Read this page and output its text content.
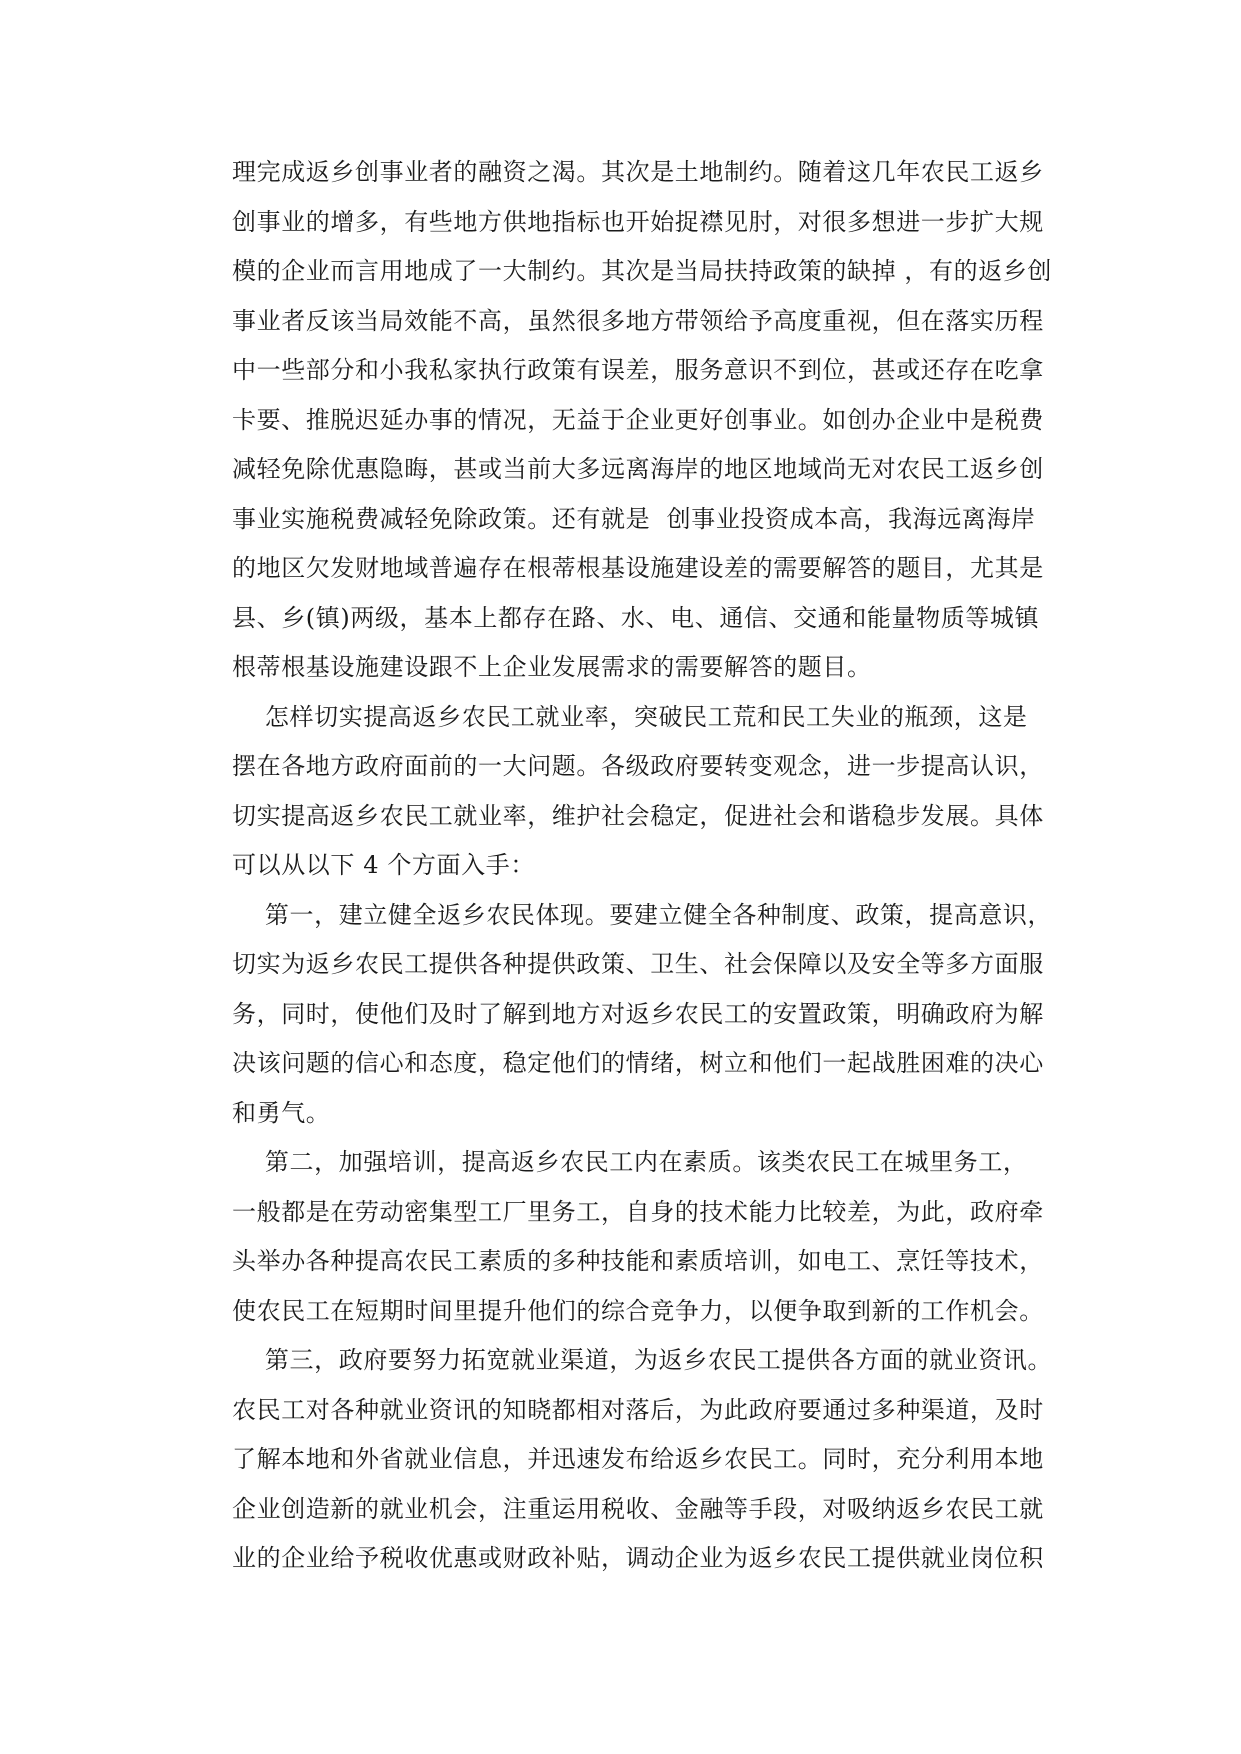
理完成返乡创事业者的融资之渴。其次是土地制约。随着这几年农民工返乡
创事业的增多，有些地方供地指标也开始捉襟见肘，对很多想进一步扩大规
模的企业而言用地成了一大制约。其次是当局扶持政策的缺掉 ，有的返乡创
事业者反该当局效能不高，虽然很多地方带领给予高度重视，但在落实历程
中一些部分和小我私家执行政策有误差，服务意识不到位，甚或还存在吃拿
卡要、推脱迟延办事的情况，无益于企业更好创事业。如创办企业中是税费
减轻免除优惠隐晦，甚或当前大多远离海岸的地区地域尚无对农民工返乡创
事业实施税费减轻免除政策。还有就是  创事业投资成本高，我海远离海岸
的地区欠发财地域普遍存在根蒂根基设施建设差的需要解答的题目，尤其是
县、乡(镇)两级，基本上都存在路、水、电、通信、交通和能量物质等城镇
根蒂根基设施建设跟不上企业发展需求的需要解答的题目。
怎样切实提高返乡农民工就业率，突破民工荒和民工失业的瓶颈，这是
摆在各地方政府面前的一大问题。各级政府要转变观念，进一步提高认识，
切实提高返乡农民工就业率，维护社会稳定，促进社会和谐稳步发展。具体
可以从以下 4 个方面入手：
第一，建立健全返乡农民体现。要建立健全各种制度、政策，提高意识，
切实为返乡农民工提供各种提供政策、卫生、社会保障以及安全等多方面服
务，同时，使他们及时了解到地方对返乡农民工的安置政策，明确政府为解
决该问题的信心和态度，稳定他们的情绪，树立和他们一起战胜困难的决心
和勇气。
第二，加强培训，提高返乡农民工内在素质。该类农民工在城里务工，
一般都是在劳动密集型工厂里务工，自身的技术能力比较差，为此，政府牵
头举办各种提高农民工素质的多种技能和素质培训，如电工、烹饪等技术，
使农民工在短期时间里提升他们的综合竞争力，以便争取到新的工作机会。
第三，政府要努力拓宽就业渠道，为返乡农民工提供各方面的就业资讯。
农民工对各种就业资讯的知晓都相对落后，为此政府要通过多种渠道，及时
了解本地和外省就业信息，并迅速发布给返乡农民工。同时，充分利用本地
企业创造新的就业机会，注重运用税收、金融等手段，对吸纳返乡农民工就
业的企业给予税收优惠或财政补贴，调动企业为返乡农民工提供就业岗位积
